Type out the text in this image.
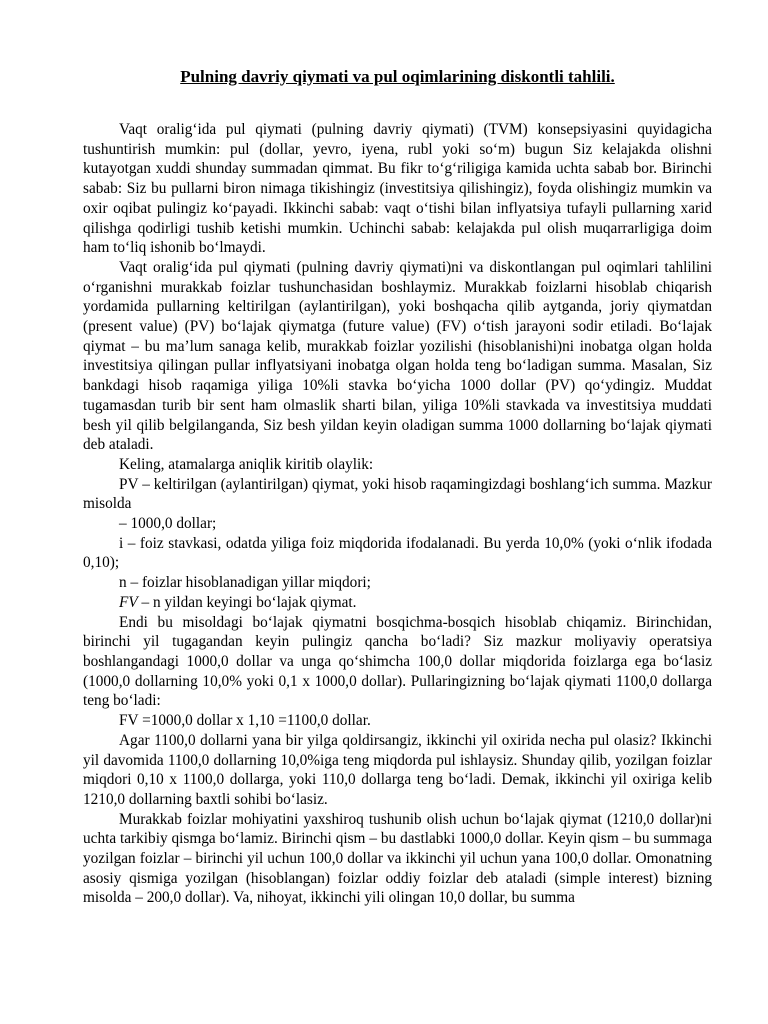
Pulning davriy qiymati va pul oqimlarining diskontli tahlili.

Vaqt oralig‘ida pul qiymati (pulning davriy qiymati) (TVM) konsepsiyasini quyidagicha tushuntirish mumkin: pul (dollar, yevro, iyena, rubl yoki so‘m) bugun Siz kelajakda olishni kutayotgan xuddi shunday summadan qimmat. Bu fikr to‘g‘riligiga kamida uchta sabab bor. Birinchi sabab: Siz bu pullarni biron nimaga tikishingiz (investitsiya qilishingiz), foyda olishingiz mumkin va oxir oqibat pulingiz ko‘payadi. Ikkinchi sabab: vaqt o‘tishi bilan inflyatsiya tufayli pullarning xarid qilishga qodirligi tushib ketishi mumkin. Uchinchi sabab: kelajakda pul olish muqarrarligiga doim ham to‘liq ishonib bo‘lmaydi.

Vaqt oralig‘ida pul qiymati (pulning davriy qiymati)ni va diskontlangan pul oqimlari tahlilini o‘rganishni murakkab foizlar tushunchasidan boshlaymiz. Murakkab foizlarni hisoblab chiqarish yordamida pullarning keltirilgan (aylantirilgan), yoki boshqacha qilib aytganda, joriy qiymatdan (present value) (PV) bo‘lajak qiymatga (future value) (FV) o‘tish jarayoni sodir etiladi. Bo‘lajak qiymat – bu ma’lum sanaga kelib, murakkab foizlar yozilishi (hisoblanishi)ni inobatga olgan holda investitsiya qilingan pullar inflyatsiyani inobatga olgan holda teng bo‘ladigan summa. Masalan, Siz bankdagi hisob raqamiga yiliga 10%li stavka bo‘yicha 1000 dollar (PV) qo‘ydingiz. Muddat tugamasdan turib bir sent ham olmaslik sharti bilan, yiliga 10%li stavkada va investitsiya muddati besh yil qilib belgilanganda, Siz besh yildan keyin oladigan summa 1000 dollarning bo‘lajak qiymati deb ataladi.

Keling, atamalarga aniqlik kiritib olaylik:

PV – keltirilgan (aylantirilgan) qiymat, yoki hisob raqamingizdagi boshlang‘ich summa. Mazkur misolda

– 1000,0 dollar;

i – foiz stavkasi, odatda yiliga foiz miqdorida ifodalanadi. Bu yerda 10,0% (yoki o‘nlik ifodada 0,10);

n – foizlar hisoblanadigan yillar miqdori;

FV – n yildan keyingi bo‘lajak qiymat.

Endi bu misoldagi bo‘lajak qiymatni bosqichma-bosqich hisoblab chiqamiz. Birinchidan, birinchi yil tugagandan keyin pulingiz qancha bo‘ladi? Siz mazkur moliyaviy operatsiya boshlangandagi 1000,0 dollar va unga qo‘shimcha 100,0 dollar miqdorida foizlarga ega bo‘lasiz (1000,0 dollarning 10,0% yoki 0,1 x 1000,0 dollar). Pullaringizning bo‘lajak qiymati 1100,0 dollarga teng bo‘ladi:

FV =1000,0 dollar x 1,10 =1100,0 dollar.

Agar 1100,0 dollarni yana bir yilga qoldirsangiz, ikkinchi yil oxirida necha pul olasiz? Ikkinchi yil davomida 1100,0 dollarning 10,0%iga teng miqdorda pul ishlaysiz. Shunday qilib, yozilgan foizlar miqdori 0,10 x 1100,0 dollarga, yoki 110,0 dollarga teng bo‘ladi. Demak, ikkinchi yil oxiriga kelib 1210,0 dollarning baxtli sohibi bo‘lasiz.

Murakkab foizlar mohiyatini yaxshiroq tushunib olish uchun bo‘lajak qiymat (1210,0 dollar)ni uchta tarkibiy qismga bo‘lamiz. Birinchi qism – bu dastlabki 1000,0 dollar. Keyin qism – bu summaga yozilgan foizlar – birinchi yil uchun 100,0 dollar va ikkinchi yil uchun yana 100,0 dollar. Omonatning asosiy qismiga yozilgan (hisoblangan) foizlar oddiy foizlar deb ataladi (simple interest) bizning misolda – 200,0 dollar). Va, nihoyat, ikkinchi yili olingan 10,0 dollar, bu summa
